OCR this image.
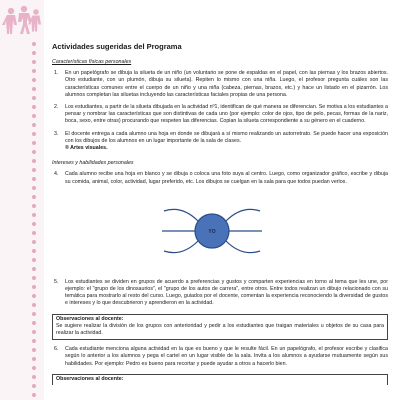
Actividades sugeridas del Programa
Características físicas personales
1.	En un papelógrafo se dibuja la silueta de un niño (un voluntario se pone de espaldas en el papel, con las piernas y los brazos abiertos. Otro estudiante, con un plumón, dibuja su silueta). Repiten lo mismo con una niña. Luego, el profesor pregunta cuáles son las características comunes entre el cuerpo de un niño y una niña (cabeza, piernas, brazos, etc.) y hace un listado en el pizarrón. Los alumnos completan las siluetas incluyendo las características faciales propias de una persona.
2.	Los estudiantes, a partir de la silueta dibujada en la actividad nº1, identifican de qué manera se diferencian. Se motiva a los estudiantes a pensar y nombrar las características que son distintivas de cada uno (por ejemplo: color de ojos, tipo de pelo, pecas, formas de la nariz, boca, sexo, entre otras) procurando que respeten las diferencias. Copian la silueta correspondiente a su género en el cuaderno.
3.	El docente entrega a cada alumno una hoja en donde se dibujará a sí mismo realizando un autorretrato. Se puede hacer una exposición con los dibujos de los alumnos en un lugar importante de la sala de clases.
® Artes visuales.
Intereses y habilidades personales
4.	Cada alumno recibe una hoja en blanco y se dibuja o coloca una foto suya al centro. Luego, como organizador gráfico, escribe y dibuja su comida, animal, color, actividad, lugar preferido, etc. Los dibujos se cuelgan en la sala para que todos puedan verlos.
YO
5.	Los estudiantes se dividen en grupos de acuerdo a preferencias y gustos y comparten experiencias en torno al tema que les une, por ejemplo: el "grupo de los dinosaurios", el "grupo de los autos de carrera", entre otros. Entre todos realizan un dibujo relacionado con su temática para mostrarlo al resto del curso. Luego, guiados por el docente, comentan la experiencia reconociendo la diversidad de gustos e intereses y lo que descubrieron y aprendieron en la actividad.
Observaciones al docente:
Se sugiere realizar la división de los grupos con anterioridad y pedir a los estudiantes que traigan materiales u objetos de su casa para realizar la actividad.
6.	Cada estudiante menciona alguna actividad en la que es bueno y que le resulte fácil. En un papelógrafo, el profesor escribe y clasifica según lo anterior a los alumnos y pega el cartel en un lugar visible de la sala. Invita a los alumnos a ayudarse mutuamente según sus habilidades. Por ejemplo: Pedro es bueno para recortar y puede ayudar a otros a hacerlo bien.
Observaciones al docente:
